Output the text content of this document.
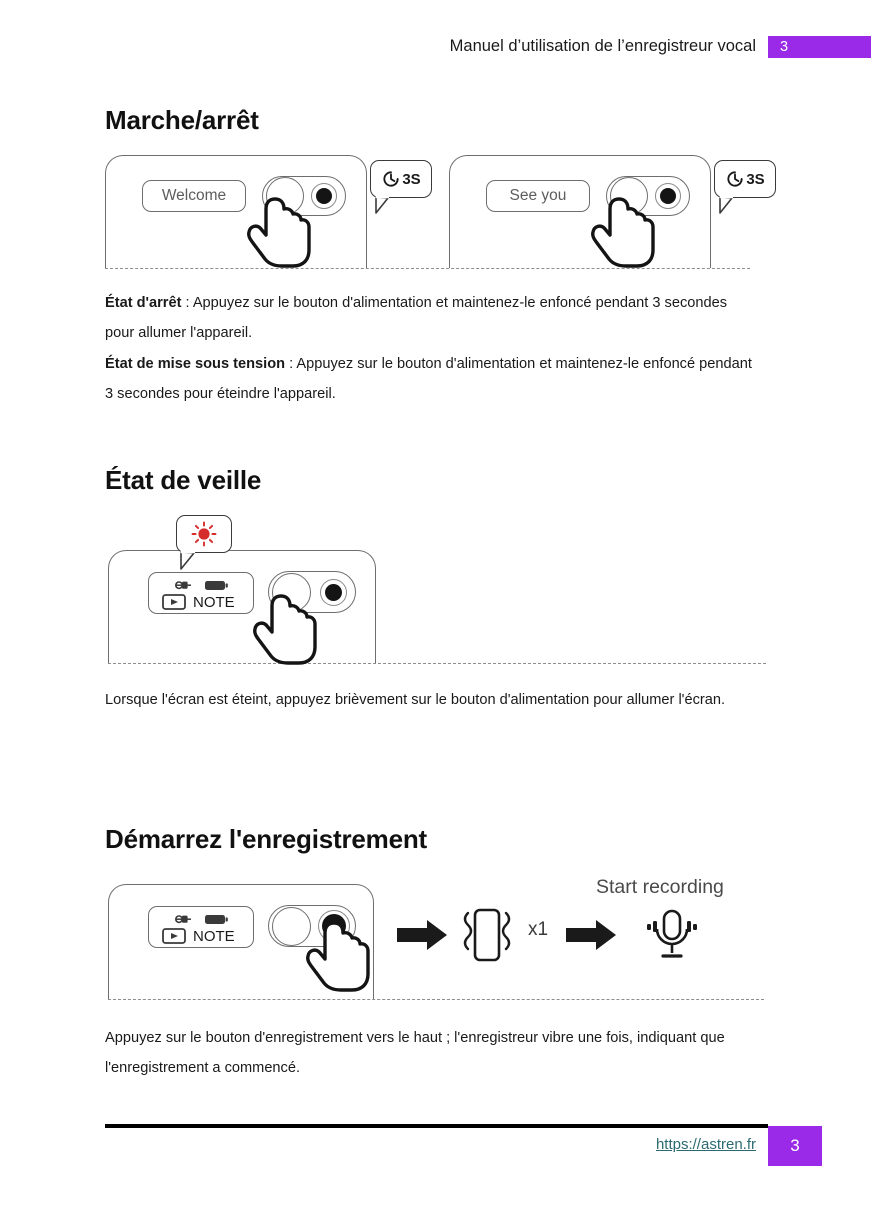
Manuel d’utilisation de l’enregistreur vocal	3
Marche/arrêt
Welcome
3S
See you
3S
État d'arrêt : Appuyez sur le bouton d'alimentation et maintenez-le enfoncé pendant 3 secondes pour allumer l'appareil.
État de mise sous tension : Appuyez sur le bouton d'alimentation et maintenez-le enfoncé pendant 3 secondes pour éteindre l'appareil.
État de veille
NOTE
Lorsque l'écran est éteint, appuyez brièvement sur le bouton d'alimentation pour allumer l'écran.
Démarrez l'enregistrement
NOTE	x1
Start recording
Appuyez sur le bouton d'enregistrement vers le haut ; l'enregistreur vibre une fois, indiquant que l'enregistrement a commencé.
https://astren.fr	3
